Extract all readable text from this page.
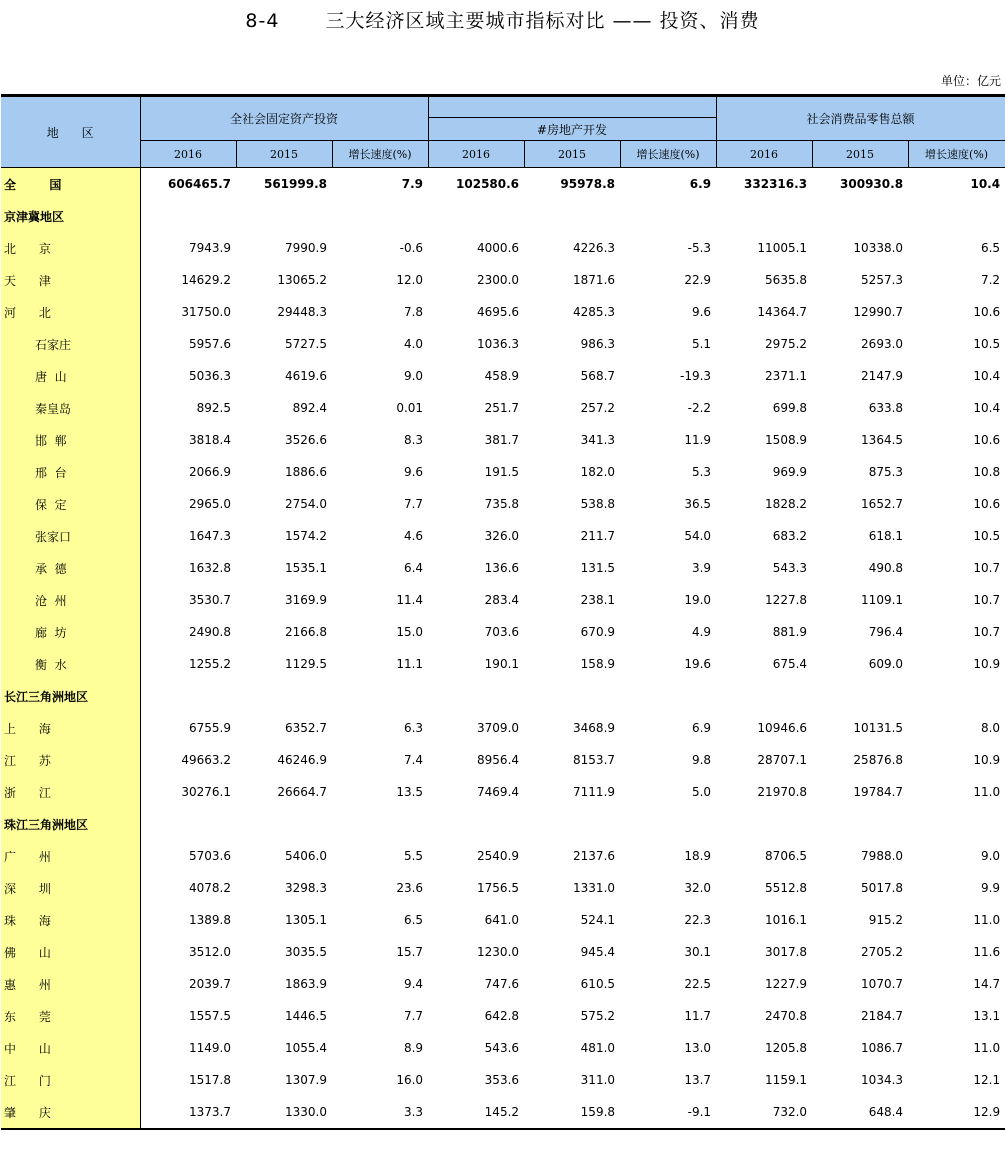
8-4 三大经济区域主要城市指标对比 —— 投资、消费
单位：亿元
地      区	全社会固定资产投资						社会消费品零售总额		
				#房地产开发					
	2016	2015	增长速度(%)	2016	2015	增长速度(%)	2016	2015	增长速度(%)
全        国	606465.7	561999.8	7.9	102580.6	95978.8	6.9	332316.3	300930.8	10.4
京津冀地区									
北      京	7943.9	7990.9	-0.6	4000.6	4226.3	-5.3	11005.1	10338.0	6.5
天      津	14629.2	13065.2	12.0	2300.0	1871.6	22.9	5635.8	5257.3	7.2
河      北	31750.0	29448.3	7.8	4695.6	4285.3	9.6	14364.7	12990.7	10.6
石家庄	5957.6	5727.5	4.0	1036.3	986.3	5.1	2975.2	2693.0	10.5
唐  山	5036.3	4619.6	9.0	458.9	568.7	-19.3	2371.1	2147.9	10.4
秦皇岛	892.5	892.4	0.01	251.7	257.2	-2.2	699.8	633.8	10.4
邯  郸	3818.4	3526.6	8.3	381.7	341.3	11.9	1508.9	1364.5	10.6
邢  台	2066.9	1886.6	9.6	191.5	182.0	5.3	969.9	875.3	10.8
保  定	2965.0	2754.0	7.7	735.8	538.8	36.5	1828.2	1652.7	10.6
张家口	1647.3	1574.2	4.6	326.0	211.7	54.0	683.2	618.1	10.5
承  德	1632.8	1535.1	6.4	136.6	131.5	3.9	543.3	490.8	10.7
沧  州	3530.7	3169.9	11.4	283.4	238.1	19.0	1227.8	1109.1	10.7
廊  坊	2490.8	2166.8	15.0	703.6	670.9	4.9	881.9	796.4	10.7
衡  水	1255.2	1129.5	11.1	190.1	158.9	19.6	675.4	609.0	10.9
长江三角洲地区									
上      海	6755.9	6352.7	6.3	3709.0	3468.9	6.9	10946.6	10131.5	8.0
江      苏	49663.2	46246.9	7.4	8956.4	8153.7	9.8	28707.1	25876.8	10.9
浙      江	30276.1	26664.7	13.5	7469.4	7111.9	5.0	21970.8	19784.7	11.0
珠江三角洲地区									
广      州	5703.6	5406.0	5.5	2540.9	2137.6	18.9	8706.5	7988.0	9.0
深      圳	4078.2	3298.3	23.6	1756.5	1331.0	32.0	5512.8	5017.8	9.9
珠      海	1389.8	1305.1	6.5	641.0	524.1	22.3	1016.1	915.2	11.0
佛      山	3512.0	3035.5	15.7	1230.0	945.4	30.1	3017.8	2705.2	11.6
惠      州	2039.7	1863.9	9.4	747.6	610.5	22.5	1227.9	1070.7	14.7
东      莞	1557.5	1446.5	7.7	642.8	575.2	11.7	2470.8	2184.7	13.1
中      山	1149.0	1055.4	8.9	543.6	481.0	13.0	1205.8	1086.7	11.0
江      门	1517.8	1307.9	16.0	353.6	311.0	13.7	1159.1	1034.3	12.1
肇      庆	1373.7	1330.0	3.3	145.2	159.8	-9.1	732.0	648.4	12.9
